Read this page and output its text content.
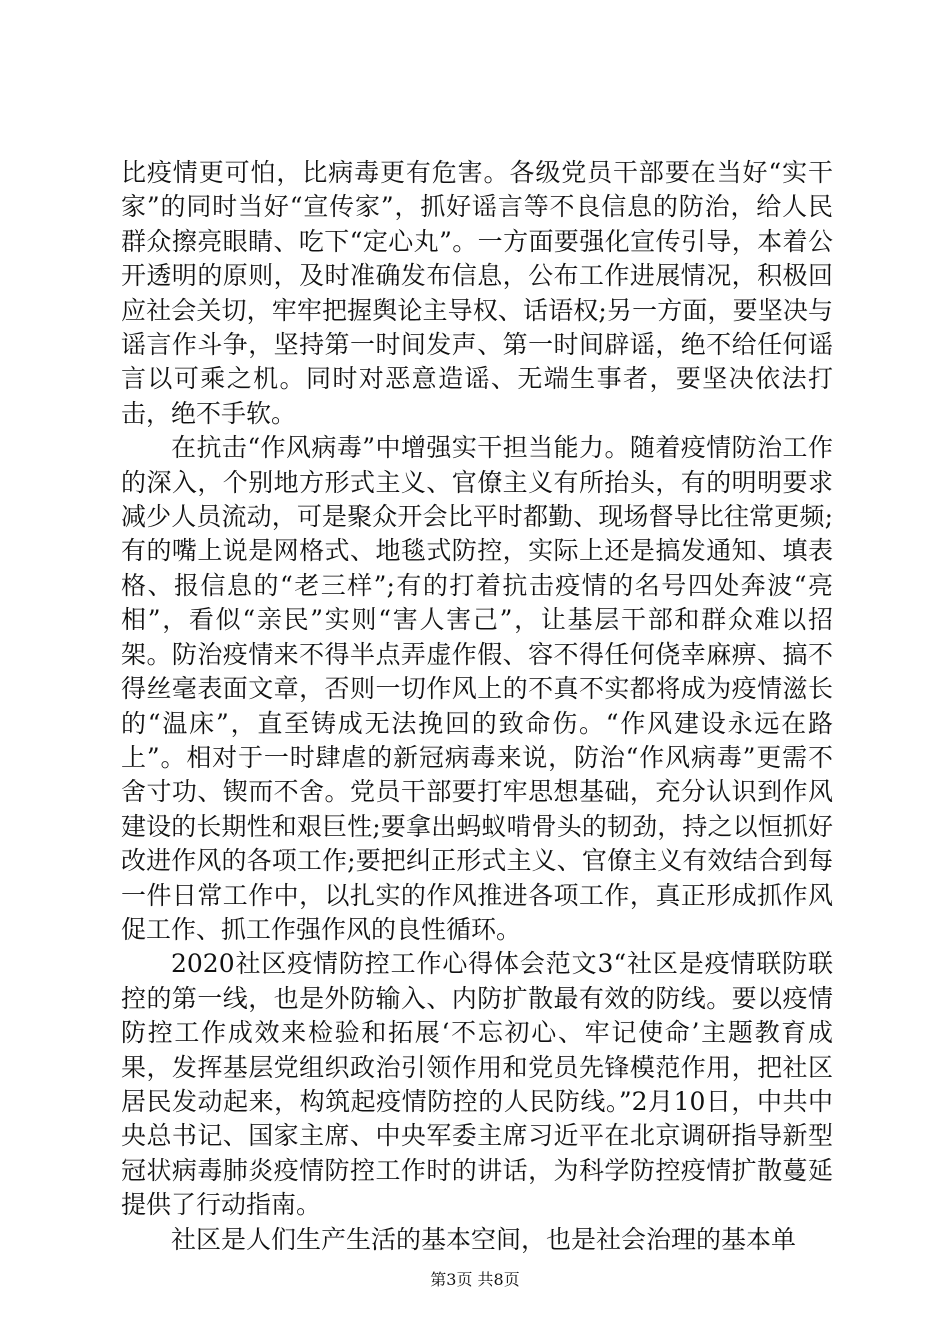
比疫情更可怕，比病毒更有危害。各级党员干部要在当好“实干家”的同时当好“宣传家”，抓好谣言等不良信息的防治，给人民群众擦亮眼睛、吃下“定心丸”。一方面要强化宣传引导，本着公开透明的原则，及时准确发布信息，公布工作进展情况，积极回应社会关切，牢牢把握舆论主导权、话语权;另一方面，要坚决与谣言作斗争，坚持第一时间发声、第一时间辟谣，绝不给任何谣言以可乘之机。同时对恶意造谣、无端生事者，要坚决依法打击，绝不手软。

在抗击“作风病毒”中增强实干担当能力。随着疫情防治工作的深入，个别地方形式主义、官僚主义有所抬头，有的明明要求减少人员流动，可是聚众开会比平时都勤、现场督导比往常更频;有的嘴上说是网格式、地毯式防控，实际上还是搞发通知、填表格、报信息的“老三样”;有的打着抗击疫情的名号四处奔波“亮相”，看似“亲民”实则“害人害己”，让基层干部和群众难以招架。防治疫情来不得半点弄虚作假、容不得任何侥幸麻痹、搞不得丝毫表面文章，否则一切作风上的不真不实都将成为疫情滋长的“温床”，直至铸成无法挽回的致命伤。“作风建设永远在路上”。相对于一时肆虐的新冠病毒来说，防治“作风病毒”更需不舍寸功、锲而不舍。党员干部要打牢思想基础，充分认识到作风建设的长期性和艰巨性;要拿出蚂蚁啃骨头的韧劲，持之以恒抓好改进作风的各项工作;要把纠正形式主义、官僚主义有效结合到每一件日常工作中，以扎实的作风推进各项工作，真正形成抓作风促工作、抓工作强作风的良性循环。

2020社区疫情防控工作心得体会范文3“社区是疫情联防联控的第一线，也是外防输入、内防扩散最有效的防线。要以疫情防控工作成效来检验和拓展‘不忘初心、牢记使命’主题教育成果，发挥基层党组织政治引领作用和党员先锋模范作用，把社区居民发动起来，构筑起疫情防控的人民防线。”2月10日，中共中央总书记、国家主席、中央军委主席习近平在北京调研指导新型冠状病毒肺炎疫情防控工作时的讲话，为科学防控疫情扩散蔓延提供了行动指南。

社区是人们生产生活的基本空间，也是社会治理的基本单

第3页 共8页
